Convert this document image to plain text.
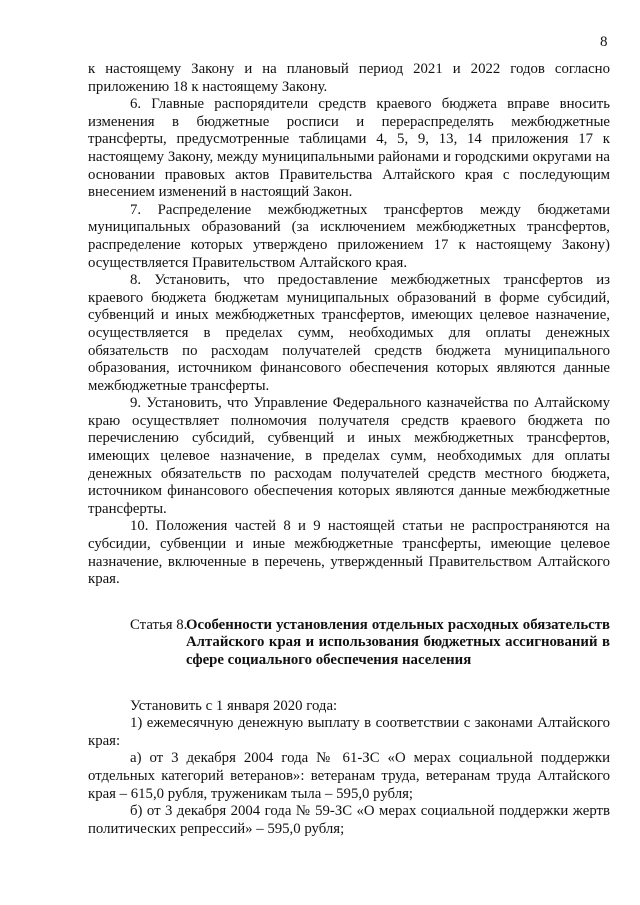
8

к настоящему Закону и на плановый период 2021 и 2022 годов согласно приложению 18 к настоящему Закону.

6. Главные распорядители средств краевого бюджета вправе вносить изменения в бюджетные росписи и перераспределять межбюджетные трансферты, предусмотренные таблицами 4, 5, 9, 13, 14 приложения 17 к настоящему Закону, между муниципальными районами и городскими округами на основании правовых актов Правительства Алтайского края с последующим внесением изменений в настоящий Закон.

7. Распределение межбюджетных трансфертов между бюджетами муниципальных образований (за исключением межбюджетных трансфертов, распределение которых утверждено приложением 17 к настоящему Закону) осуществляется Правительством Алтайского края.

8. Установить, что предоставление межбюджетных трансфертов из краевого бюджета бюджетам муниципальных образований в форме субсидий, субвенций и иных межбюджетных трансфертов, имеющих целевое назначение, осуществляется в пределах сумм, необходимых для оплаты денежных обязательств по расходам получателей средств бюджета муниципального образования, источником финансового обеспечения которых являются данные межбюджетные трансферты.

9. Установить, что Управление Федерального казначейства по Алтайскому краю осуществляет полномочия получателя средств краевого бюджета по перечислению субсидий, субвенций и иных межбюджетных трансфертов, имеющих целевое назначение, в пределах сумм, необходимых для оплаты денежных обязательств по расходам получателей средств местного бюджета, источником финансового обеспечения которых являются данные межбюджетные трансферты.

10. Положения частей 8 и 9 настоящей статьи не распространяются на субсидии, субвенции и иные межбюджетные трансферты, имеющие целевое назначение, включенные в перечень, утвержденный Правительством Алтайского края.

Статья 8.
Особенности установления отдельных расходных обязательств Алтайского края и использования бюджетных ассигнований в сфере социального обеспечения населения

Установить с 1 января 2020 года:

1) ежемесячную денежную выплату в соответствии с законами Алтайского края:

а) от 3 декабря 2004 года № 61-ЗС «О мерах социальной поддержки отдельных категорий ветеранов»: ветеранам труда, ветеранам труда Алтайского края – 615,0 рубля, труженикам тыла – 595,0 рубля;

б) от 3 декабря 2004 года № 59-ЗС «О мерах социальной поддержки жертв политических репрессий» – 595,0 рубля;
